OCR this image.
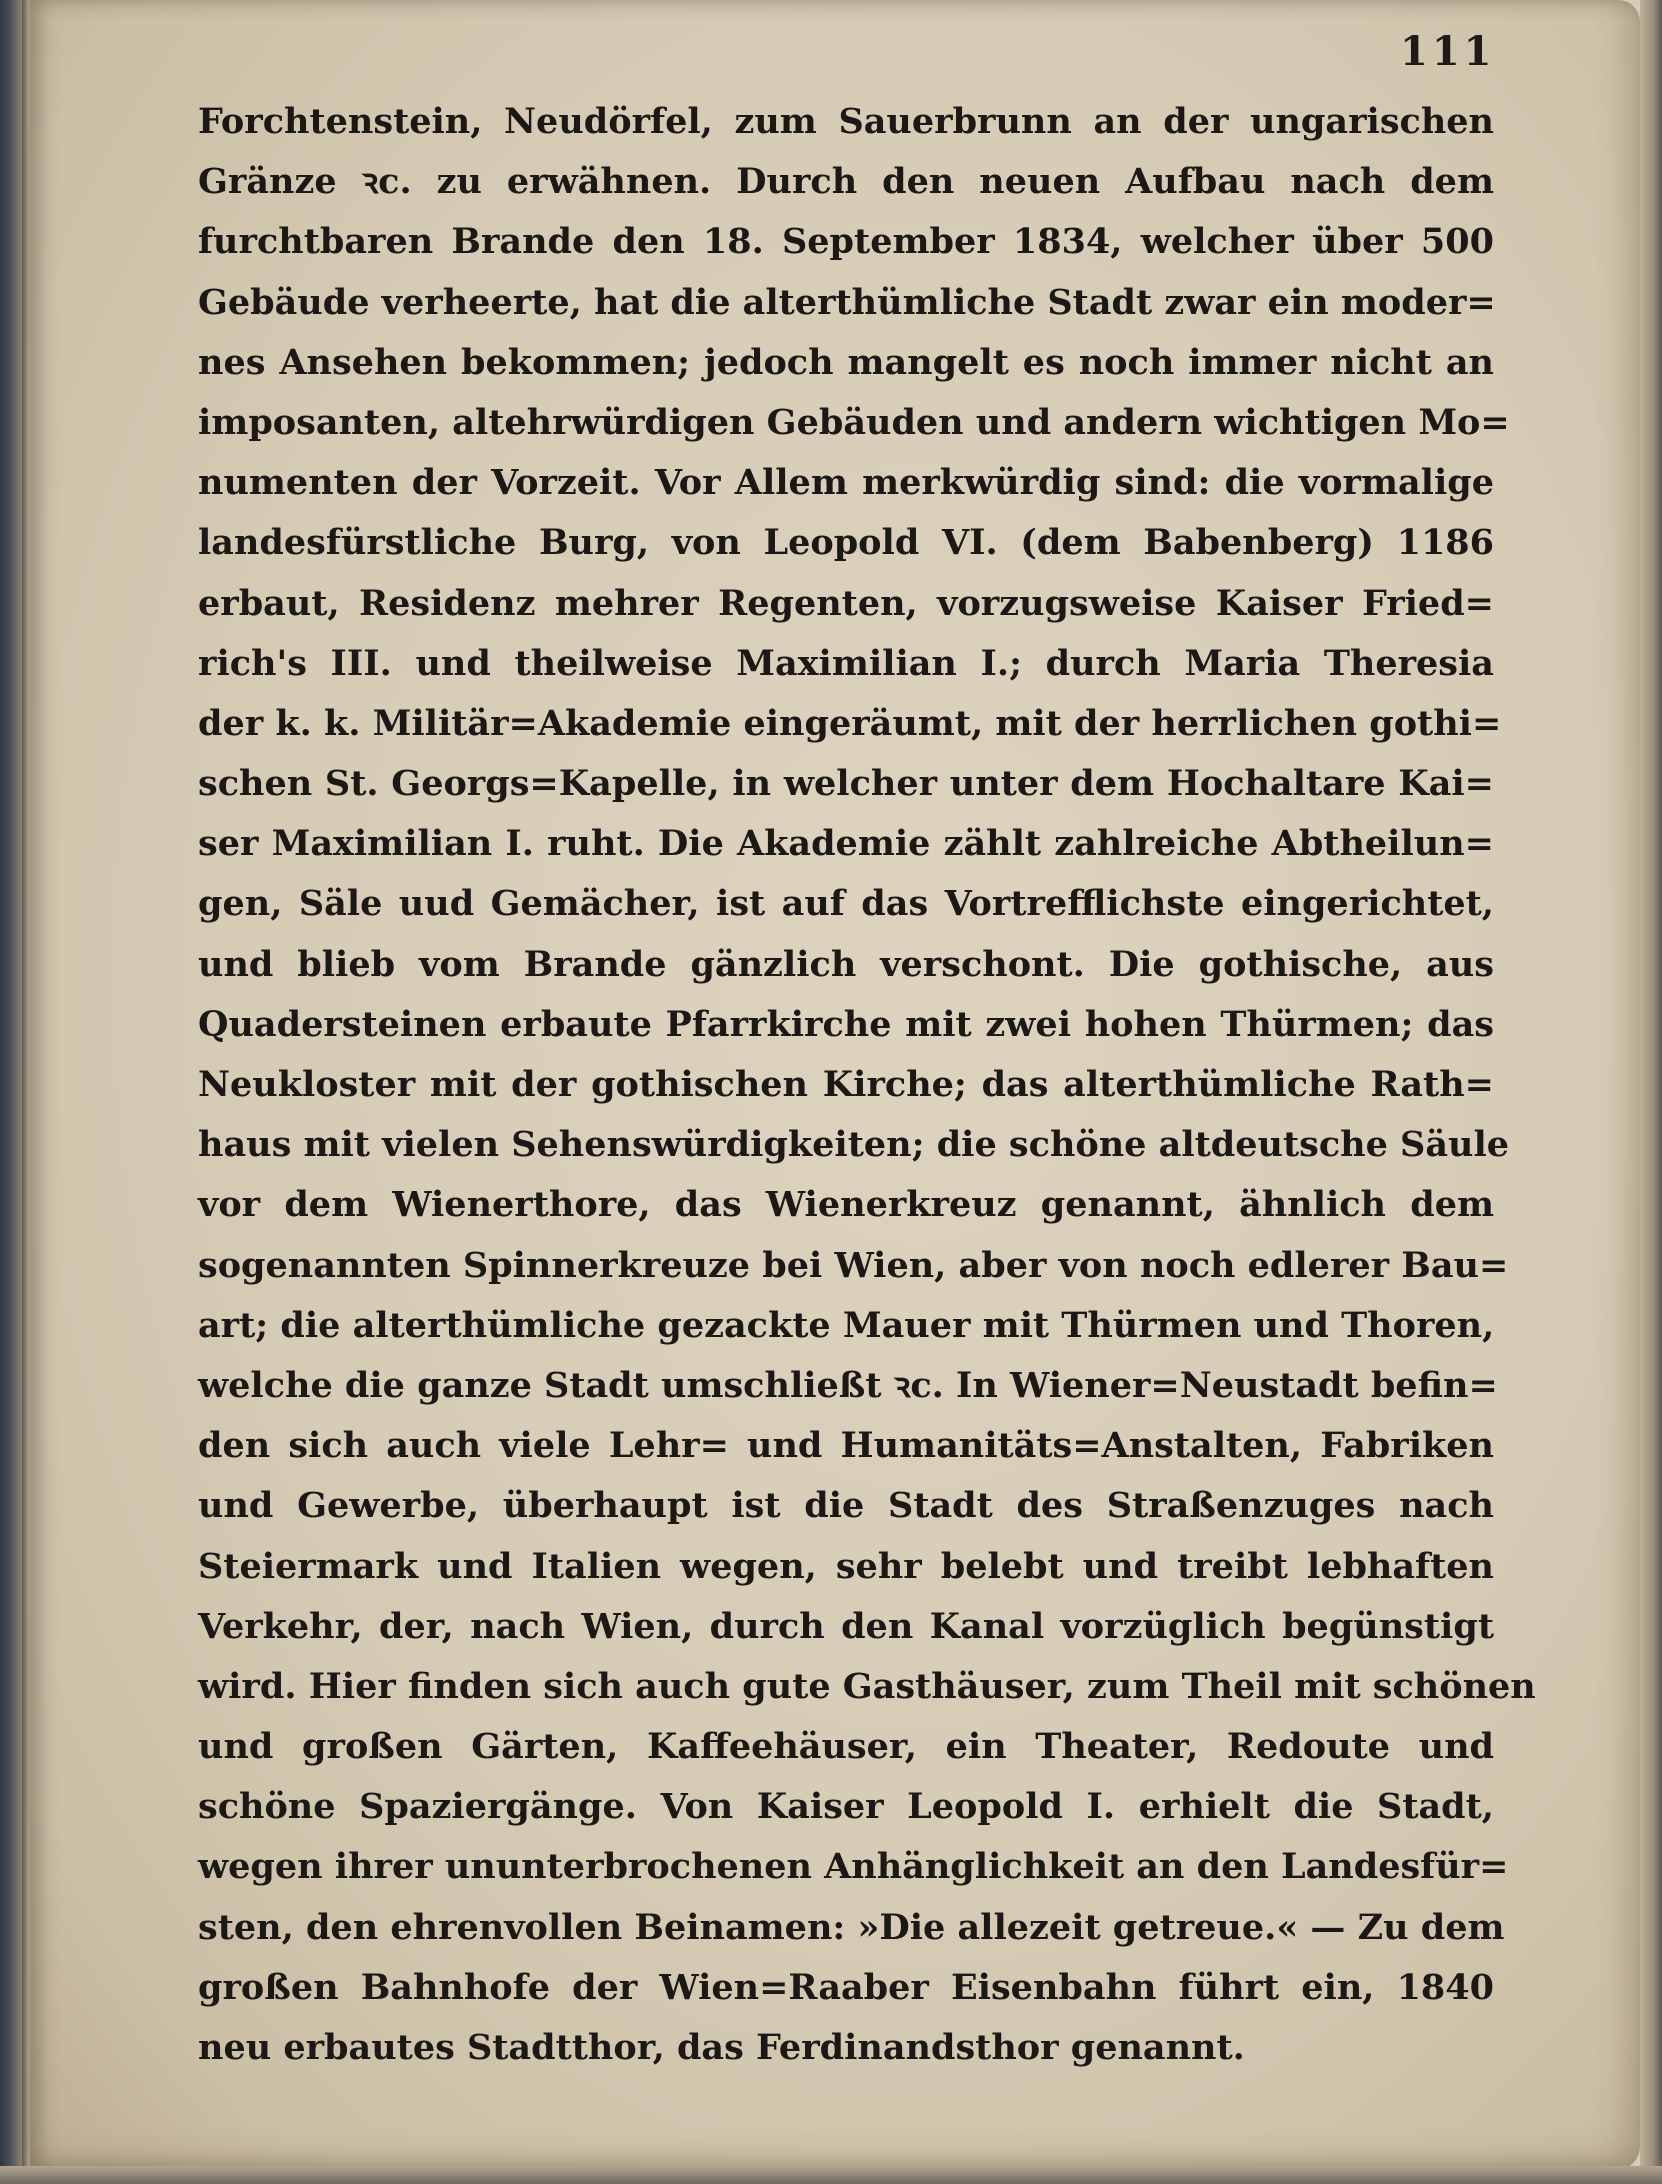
111
Forchtenstein, Neudörfel, zum Sauerbrunn an der ungarischen
Gränze ꝛc. zu erwähnen. Durch den neuen Aufbau nach dem
furchtbaren Brande den 18. September 1834, welcher über 500
Gebäude verheerte, hat die alterthümliche Stadt zwar ein moder=
nes Ansehen bekommen; jedoch mangelt es noch immer nicht an
imposanten, altehrwürdigen Gebäuden und andern wichtigen Mo=
numenten der Vorzeit. Vor Allem merkwürdig sind: die vormalige
landesfürstliche Burg, von Leopold VI. (dem Babenberg) 1186
erbaut, Residenz mehrer Regenten, vorzugsweise Kaiser Fried=
rich's III. und theilweise Maximilian I.; durch Maria Theresia
der k. k. Militär=Akademie eingeräumt, mit der herrlichen gothi=
schen St. Georgs=Kapelle, in welcher unter dem Hochaltare Kai=
ser Maximilian I. ruht. Die Akademie zählt zahlreiche Abtheilun=
gen, Säle uud Gemächer, ist auf das Vortrefflichste eingerichtet,
und blieb vom Brande gänzlich verschont. Die gothische, aus
Quadersteinen erbaute Pfarrkirche mit zwei hohen Thürmen; das
Neukloster mit der gothischen Kirche; das alterthümliche Rath=
haus mit vielen Sehenswürdigkeiten; die schöne altdeutsche Säule
vor dem Wienerthore, das Wienerkreuz genannt, ähnlich dem
sogenannten Spinnerkreuze bei Wien, aber von noch edlerer Bau=
art; die alterthümliche gezackte Mauer mit Thürmen und Thoren,
welche die ganze Stadt umschließt ꝛc. In Wiener=Neustadt befin=
den sich auch viele Lehr= und Humanitäts=Anstalten, Fabriken
und Gewerbe, überhaupt ist die Stadt des Straßenzuges nach
Steiermark und Italien wegen, sehr belebt und treibt lebhaften
Verkehr, der, nach Wien, durch den Kanal vorzüglich begünstigt
wird. Hier finden sich auch gute Gasthäuser, zum Theil mit schönen
und großen Gärten, Kaffeehäuser, ein Theater, Redoute und
schöne Spaziergänge. Von Kaiser Leopold I. erhielt die Stadt,
wegen ihrer ununterbrochenen Anhänglichkeit an den Landesfür=
sten, den ehrenvollen Beinamen: »Die allezeit getreue.« — Zu dem
großen Bahnhofe der Wien=Raaber Eisenbahn führt ein, 1840
neu erbautes Stadtthor, das Ferdinandsthor genannt.
